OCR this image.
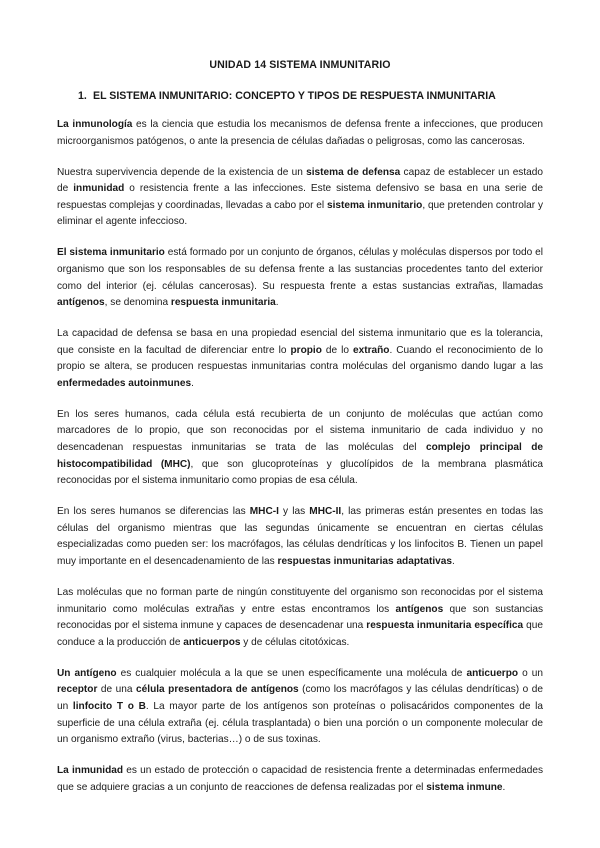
UNIDAD 14 SISTEMA INMUNITARIO
1. EL SISTEMA INMUNITARIO: CONCEPTO Y TIPOS DE RESPUESTA INMUNITARIA

La inmunología es la ciencia que estudia los mecanismos de defensa frente a infecciones, que producen microorganismos patógenos, o ante la presencia de células dañadas o peligrosas, como las cancerosas.

Nuestra supervivencia depende de la existencia de un sistema de defensa capaz de establecer un estado de inmunidad o resistencia frente a las infecciones. Este sistema defensivo se basa en una serie de respuestas complejas y coordinadas, llevadas a cabo por el sistema inmunitario, que pretenden controlar y eliminar el agente infeccioso.

El sistema inmunitario está formado por un conjunto de órganos, células y moléculas dispersos por todo el organismo que son los responsables de su defensa frente a las sustancias procedentes tanto del exterior como del interior (ej. células cancerosas). Su respuesta frente a estas sustancias extrañas, llamadas antígenos, se denomina respuesta inmunitaria.

La capacidad de defensa se basa en una propiedad esencial del sistema inmunitario que es la tolerancia, que consiste en la facultad de diferenciar entre lo propio de lo extraño. Cuando el reconocimiento de lo propio se altera, se producen respuestas inmunitarias contra moléculas del organismo dando lugar a las enfermedades autoinmunes.

En los seres humanos, cada célula está recubierta de un conjunto de moléculas que actúan como marcadores de lo propio, que son reconocidas por el sistema inmunitario de cada individuo y no desencadenan respuestas inmunitarias se trata de las moléculas del complejo principal de histocompatibilidad (MHC), que son glucoproteínas y glucolípidos de la membrana plasmática reconocidas por el sistema inmunitario como propias de esa célula.

En los seres humanos se diferencias las MHC-I y las MHC-II, las primeras están presentes en todas las células del organismo mientras que las segundas únicamente se encuentran en ciertas células especializadas como pueden ser: los macrófagos, las células dendríticas y los linfocitos B. Tienen un papel muy importante en el desencadenamiento de las respuestas inmunitarias adaptativas.

Las moléculas que no forman parte de ningún constituyente del organismo son reconocidas por el sistema inmunitario como moléculas extrañas y entre estas encontramos los antígenos que son sustancias reconocidas por el sistema inmune y capaces de desencadenar una respuesta inmunitaria específica que conduce a la producción de anticuerpos y de células citotóxicas.

Un antígeno es cualquier molécula a la que se unen específicamente una molécula de anticuerpo o un receptor de una célula presentadora de antígenos (como los macrófagos y las células dendríticas) o de un linfocito T o B. La mayor parte de los antígenos son proteínas o polisacáridos componentes de la superficie de una célula extraña (ej. célula trasplantada) o bien una porción o un componente molecular de un organismo extraño (virus, bacterias…) o de sus toxinas.

La inmunidad es un estado de protección o capacidad de resistencia frente a determinadas enfermedades que se adquiere gracias a un conjunto de reacciones de defensa realizadas por el sistema inmune.
